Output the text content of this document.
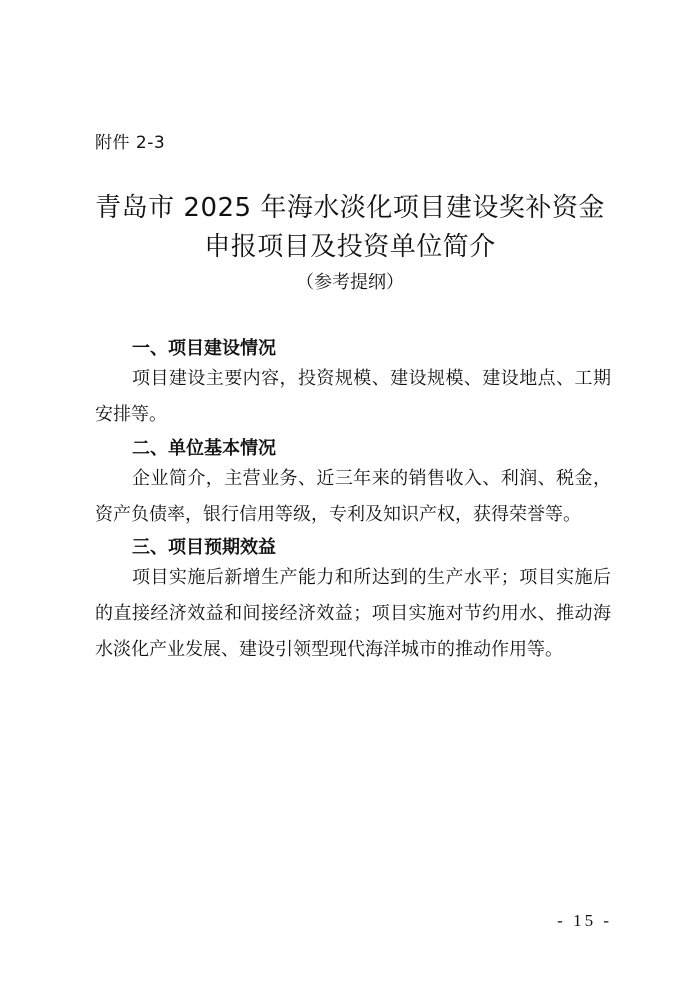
附件 2-3
青岛市 2025 年海水淡化项目建设奖补资金
申报项目及投资单位简介
（参考提纲）
一、项目建设情况
项目建设主要内容，投资规模、建设规模、建设地点、工期安排等。
二、单位基本情况
企业简介，主营业务、近三年来的销售收入、利润、税金，资产负债率，银行信用等级，专利及知识产权，获得荣誉等。
三、项目预期效益
项目实施后新增生产能力和所达到的生产水平；项目实施后的直接经济效益和间接经济效益；项目实施对节约用水、推动海水淡化产业发展、建设引领型现代海洋城市的推动作用等。
- 15 -
